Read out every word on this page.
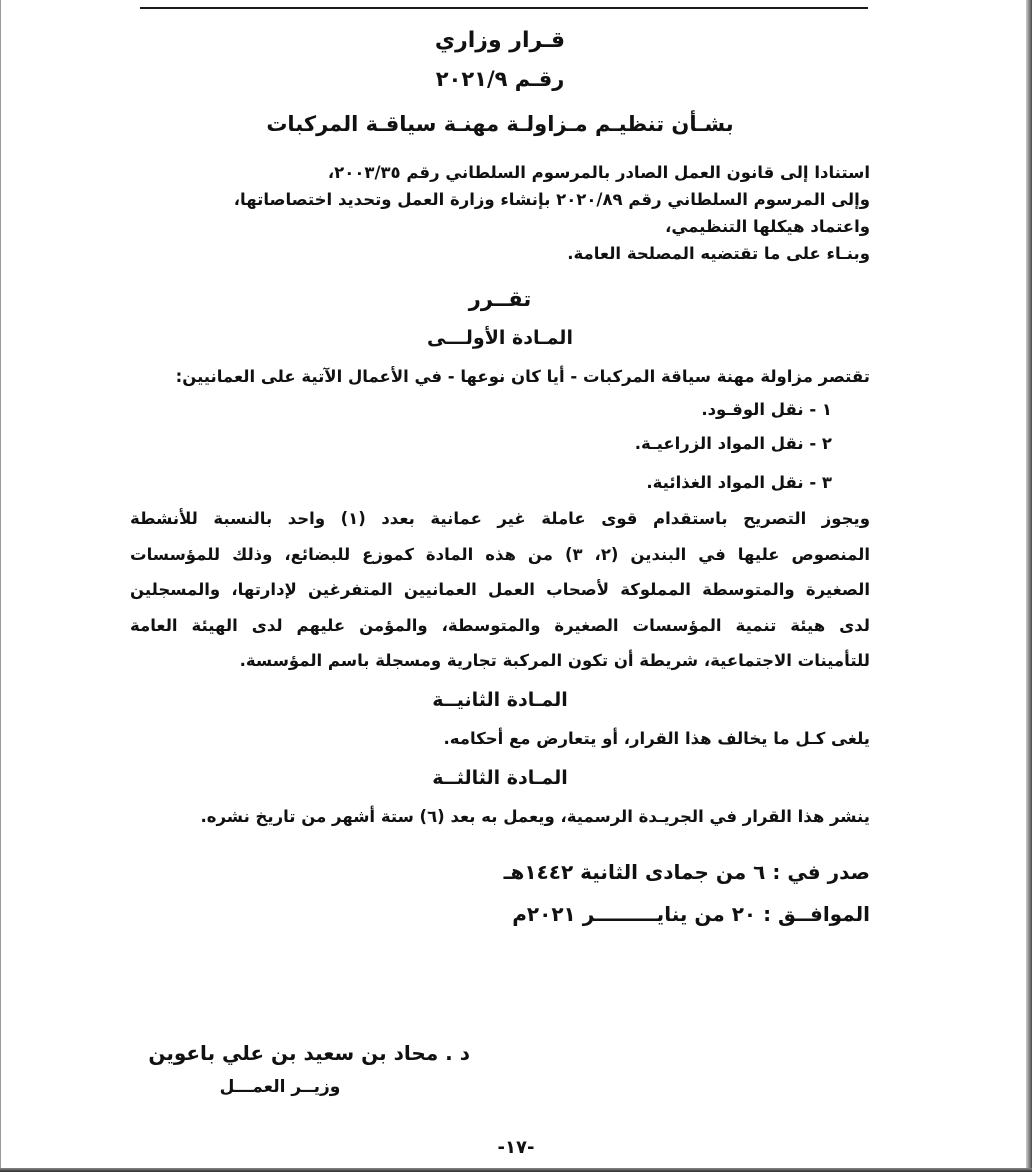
قـرار وزاري
رقـم ٢٠٢١/٩
بشـأن تنظيـم مـزاولـة مهنـة سياقـة المركبات
استنادا إلى قانون العمل الصادر بالمرسوم السلطاني رقم ٢٠٠٣/٣٥،
وإلى المرسوم السلطاني رقم ٢٠٢٠/٨٩ بإنشاء وزارة العمل وتحديد اختصاصاتها،
واعتماد هيكلها التنظيمي،
وبنـاء على ما تقتضيه المصلحة العامة.
تقــرر
المـادة الأولـــى
تقتصر مزاولة مهنة سياقة المركبات - أيا كان نوعها - في الأعمال الآتية على العمانيين:
١ - نقل الوقـود.
٢ - نقل المواد الزراعيـة.
٣ - نقل المواد الغذائية.
ويجوز التصريح باستقدام قوى عاملة غير عمانية بعدد (١) واحد بالنسبة للأنشطة
المنصوص عليها في البندين (٢، ٣) من هذه المادة كموزع للبضائع، وذلك للمؤسسات
الصغيرة والمتوسطة المملوكة لأصحاب العمل العمانيين المتفرغين لإدارتها، والمسجلين
لدى هيئة تنمية المؤسسات الصغيرة والمتوسطة، والمؤمن عليهم لدى الهيئة العامة
للتأمينات الاجتماعية، شريطة أن تكون المركبة تجارية ومسجلة باسم المؤسسة.
المـادة الثانيــة
يلغى كـل ما يخالف هذا القرار، أو يتعارض مع أحكامه.
المـادة الثالثــة
ينشر هذا القرار في الجريـدة الرسمية، ويعمل به بعد (٦) ستة أشهر من تاريخ نشره.
صدر في : ٦ من جمادى الثانية ١٤٤٢هـ
الموافــق : ٢٠ من ينايـــــــــر ٢٠٢١م
د . محاد بن سعيد بن علي باعوين
وزيــر العمـــل
-١٧-
